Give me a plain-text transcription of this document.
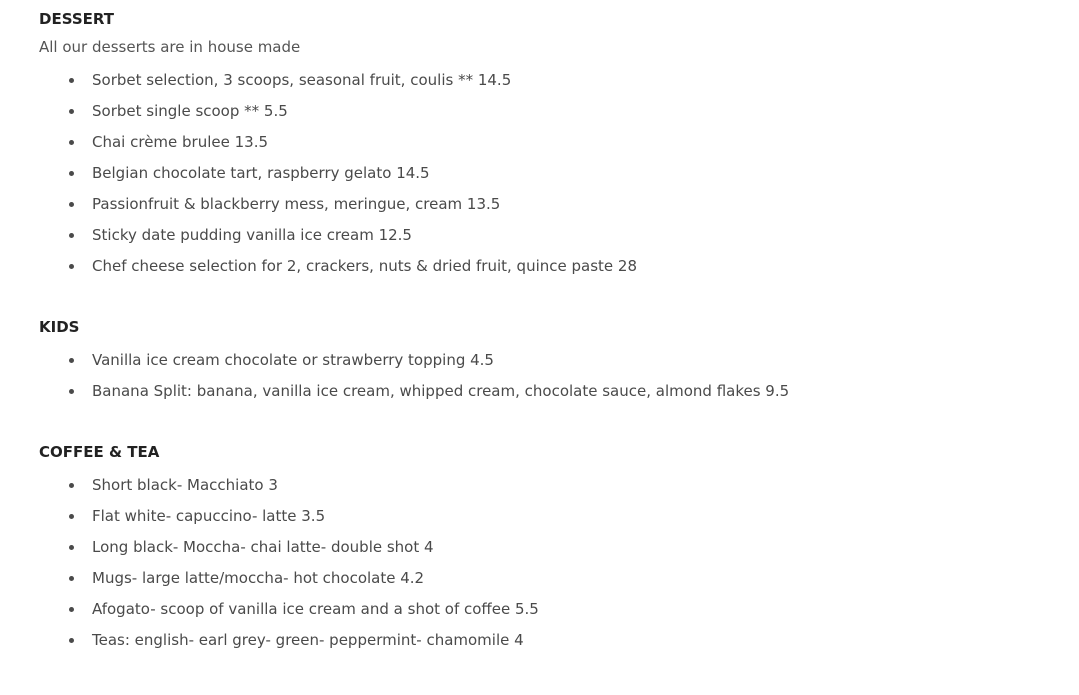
DESSERT

All our desserts are in house made

Sorbet selection, 3 scoops, seasonal fruit, coulis ** 14.5
Sorbet single scoop ** 5.5
Chai crème brulee 13.5
Belgian chocolate tart, raspberry gelato 14.5
Passionfruit & blackberry mess, meringue, cream 13.5
Sticky date pudding vanilla ice cream 12.5
Chef cheese selection for 2, crackers, nuts & dried fruit, quince paste 28
KIDS
Vanilla ice cream chocolate or strawberry topping 4.5
Banana Split: banana, vanilla ice cream, whipped cream, chocolate sauce, almond flakes 9.5
COFFEE & TEA
Short black- Macchiato 3
Flat white- capuccino- latte 3.5
Long black- Moccha- chai latte- double shot 4
Mugs- large latte/moccha- hot chocolate 4.2
Afogato- scoop of vanilla ice cream and a shot of coffee 5.5
Teas: english- earl grey- green- peppermint- chamomile 4
